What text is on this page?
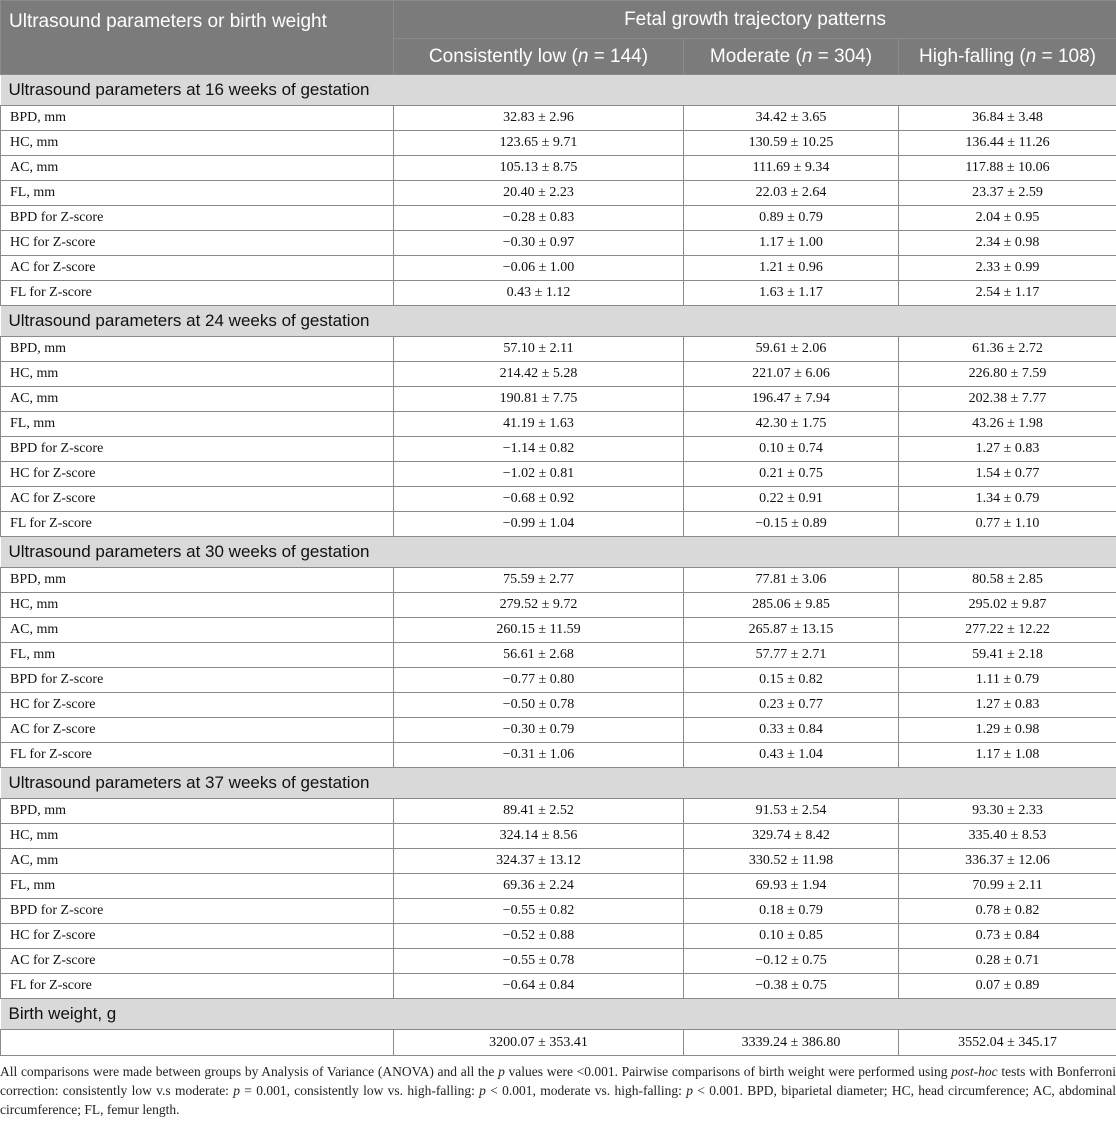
Ultrasound parameters or birth weight	Fetal growth trajectory patterns		
	Consistently low (n = 144)	Moderate (n = 304)	High-falling (n = 108)
Ultrasound parameters at 16 weeks of gestation			
BPD, mm	32.83 ± 2.96	34.42 ± 3.65	36.84 ± 3.48
HC, mm	123.65 ± 9.71	130.59 ± 10.25	136.44 ± 11.26
AC, mm	105.13 ± 8.75	111.69 ± 9.34	117.88 ± 10.06
FL, mm	20.40 ± 2.23	22.03 ± 2.64	23.37 ± 2.59
BPD for Z-score	−0.28 ± 0.83	0.89 ± 0.79	2.04 ± 0.95
HC for Z-score	−0.30 ± 0.97	1.17 ± 1.00	2.34 ± 0.98
AC for Z-score	−0.06 ± 1.00	1.21 ± 0.96	2.33 ± 0.99
FL for Z-score	0.43 ± 1.12	1.63 ± 1.17	2.54 ± 1.17
Ultrasound parameters at 24 weeks of gestation			
BPD, mm	57.10 ± 2.11	59.61 ± 2.06	61.36 ± 2.72
HC, mm	214.42 ± 5.28	221.07 ± 6.06	226.80 ± 7.59
AC, mm	190.81 ± 7.75	196.47 ± 7.94	202.38 ± 7.77
FL, mm	41.19 ± 1.63	42.30 ± 1.75	43.26 ± 1.98
BPD for Z-score	−1.14 ± 0.82	0.10 ± 0.74	1.27 ± 0.83
HC for Z-score	−1.02 ± 0.81	0.21 ± 0.75	1.54 ± 0.77
AC for Z-score	−0.68 ± 0.92	0.22 ± 0.91	1.34 ± 0.79
FL for Z-score	−0.99 ± 1.04	−0.15 ± 0.89	0.77 ± 1.10
Ultrasound parameters at 30 weeks of gestation			
BPD, mm	75.59 ± 2.77	77.81 ± 3.06	80.58 ± 2.85
HC, mm	279.52 ± 9.72	285.06 ± 9.85	295.02 ± 9.87
AC, mm	260.15 ± 11.59	265.87 ± 13.15	277.22 ± 12.22
FL, mm	56.61 ± 2.68	57.77 ± 2.71	59.41 ± 2.18
BPD for Z-score	−0.77 ± 0.80	0.15 ± 0.82	1.11 ± 0.79
HC for Z-score	−0.50 ± 0.78	0.23 ± 0.77	1.27 ± 0.83
AC for Z-score	−0.30 ± 0.79	0.33 ± 0.84	1.29 ± 0.98
FL for Z-score	−0.31 ± 1.06	0.43 ± 1.04	1.17 ± 1.08
Ultrasound parameters at 37 weeks of gestation			
BPD, mm	89.41 ± 2.52	91.53 ± 2.54	93.30 ± 2.33
HC, mm	324.14 ± 8.56	329.74 ± 8.42	335.40 ± 8.53
AC, mm	324.37 ± 13.12	330.52 ± 11.98	336.37 ± 12.06
FL, mm	69.36 ± 2.24	69.93 ± 1.94	70.99 ± 2.11
BPD for Z-score	−0.55 ± 0.82	0.18 ± 0.79	0.78 ± 0.82
HC for Z-score	−0.52 ± 0.88	0.10 ± 0.85	0.73 ± 0.84
AC for Z-score	−0.55 ± 0.78	−0.12 ± 0.75	0.28 ± 0.71
FL for Z-score	−0.64 ± 0.84	−0.38 ± 0.75	0.07 ± 0.89
Birth weight, g			
	3200.07 ± 353.41	3339.24 ± 386.80	3552.04 ± 345.17
All comparisons were made between groups by Analysis of Variance (ANOVA) and all the p values were <0.001. Pairwise comparisons of birth weight were performed using post-hoc tests with Bonferroni correction: consistently low v.s moderate: p = 0.001, consistently low vs. high-falling: p < 0.001, moderate vs. high-falling: p < 0.001. BPD, biparietal diameter; HC, head circumference; AC, abdominal circumference; FL, femur length.
